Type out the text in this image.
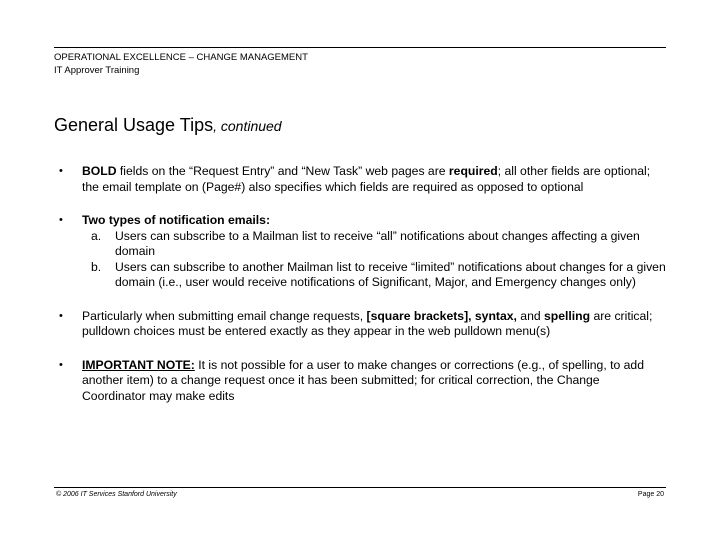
OPERATIONAL EXCELLENCE – CHANGE MANAGEMENT
IT Approver Training
General Usage Tips, continued
• BOLD fields on the “Request Entry” and “New Task” web pages are required; all other fields are optional; the email template on (Page#) also specifies which fields are required as opposed to optional
• Two types of notification emails:
a. Users can subscribe to a Mailman list to receive “all” notifications about changes affecting a given domain
b. Users can subscribe to another Mailman list to receive “limited” notifications about changes for a given domain (i.e., user would receive notifications of Significant, Major, and Emergency changes only)
• Particularly when submitting email change requests, [square brackets], syntax, and spelling are critical; pulldown choices must be entered exactly as they appear in the web pulldown menu(s)
• IMPORTANT NOTE: It is not possible for a user to make changes or corrections (e.g., of spelling, to add another item) to a change request once it has been submitted; for critical correction, the Change Coordinator may make edits
© 2006 IT Services Stanford University	Page 20
